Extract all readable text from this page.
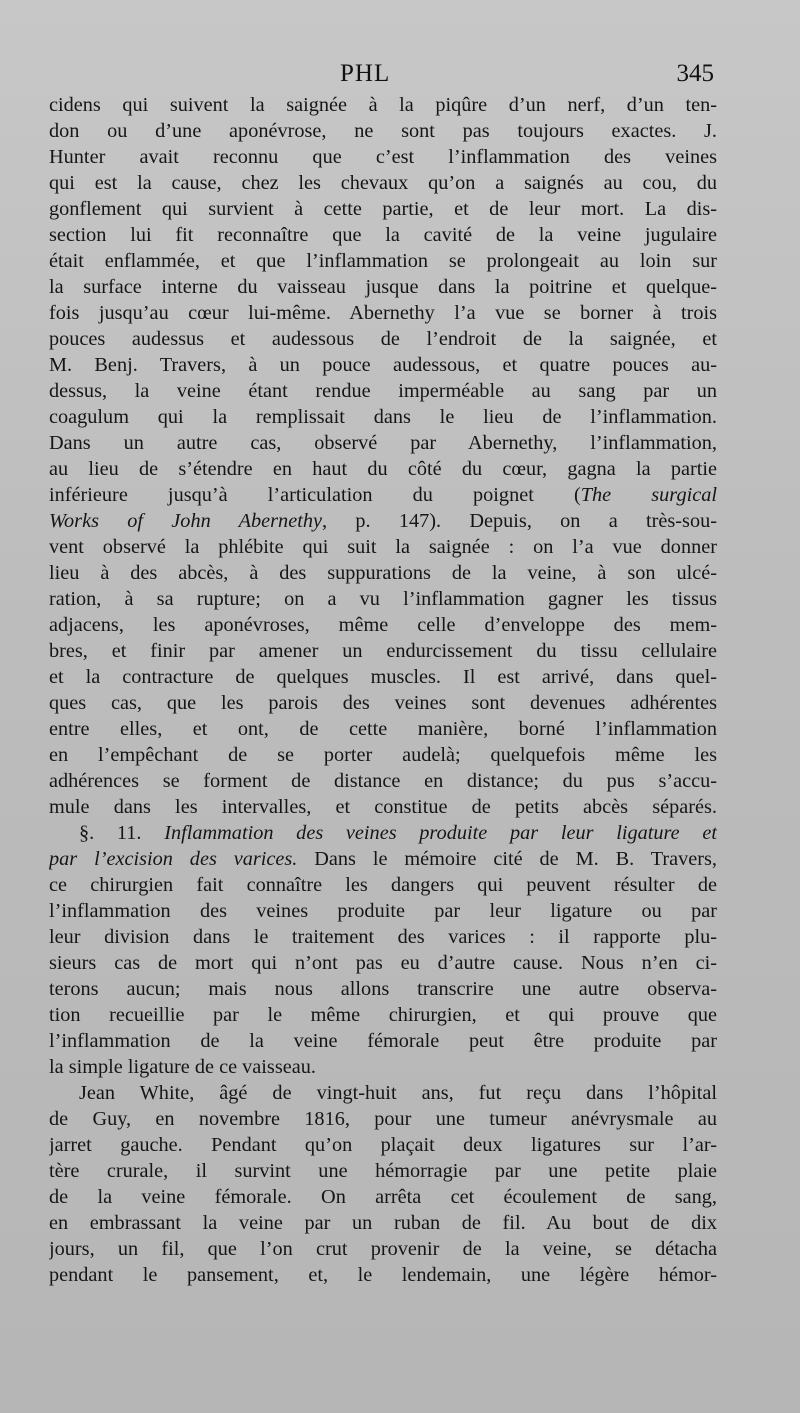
PHL	345
cidens qui suivent la saignée à la piqûre d’un nerf, d’un ten-
don ou d’une aponévrose, ne sont pas toujours exactes. J.
Hunter avait reconnu que c’est l’inflammation des veines
qui est la cause, chez les chevaux qu’on a saignés au cou, du
gonflement qui survient à cette partie, et de leur mort. La dis-
section lui fit reconnaître que la cavité de la veine jugulaire
était enflammée, et que l’inflammation se prolongeait au loin sur
la surface interne du vaisseau jusque dans la poitrine et quelque-
fois jusqu’au cœur lui-même. Abernethy l’a vue se borner à trois
pouces audessus et audessous de l’endroit de la saignée, et
M. Benj. Travers, à un pouce audessous, et quatre pouces au-
dessus, la veine étant rendue imperméable au sang par un
coagulum qui la remplissait dans le lieu de l’inflammation.
Dans un autre cas, observé par Abernethy, l’inflammation,
au lieu de s’étendre en haut du côté du cœur, gagna la partie
inférieure jusqu’à l’articulation du poignet (The surgical
Works of John Abernethy, p. 147). Depuis, on a très-sou-
vent observé la phlébite qui suit la saignée : on l’a vue donner
lieu à des abcès, à des suppurations de la veine, à son ulcé-
ration, à sa rupture; on a vu l’inflammation gagner les tissus
adjacens, les aponévroses, même celle d’enveloppe des mem-
bres, et finir par amener un endurcissement du tissu cellulaire
et la contracture de quelques muscles. Il est arrivé, dans quel-
ques cas, que les parois des veines sont devenues adhérentes
entre elles, et ont, de cette manière, borné l’inflammation
en l’empêchant de se porter audelà; quelquefois même les
adhérences se forment de distance en distance; du pus s’accu-
mule dans les intervalles, et constitue de petits abcès séparés.
§. 11. Inflammation des veines produite par leur ligature et
par l’excision des varices. Dans le mémoire cité de M. B. Travers,
ce chirurgien fait connaître les dangers qui peuvent résulter de
l’inflammation des veines produite par leur ligature ou par
leur division dans le traitement des varices : il rapporte plu-
sieurs cas de mort qui n’ont pas eu d’autre cause. Nous n’en ci-
terons aucun; mais nous allons transcrire une autre observa-
tion recueillie par le même chirurgien, et qui prouve que
l’inflammation de la veine fémorale peut être produite par
la simple ligature de ce vaisseau.
Jean White, âgé de vingt-huit ans, fut reçu dans l’hôpital
de Guy, en novembre 1816, pour une tumeur anévrysmale au
jarret gauche. Pendant qu’on plaçait deux ligatures sur l’ar-
tère crurale, il survint une hémorragie par une petite plaie
de la veine fémorale. On arrêta cet écoulement de sang,
en embrassant la veine par un ruban de fil. Au bout de dix
jours, un fil, que l’on crut provenir de la veine, se détacha
pendant le pansement, et, le lendemain, une légère hémor-
